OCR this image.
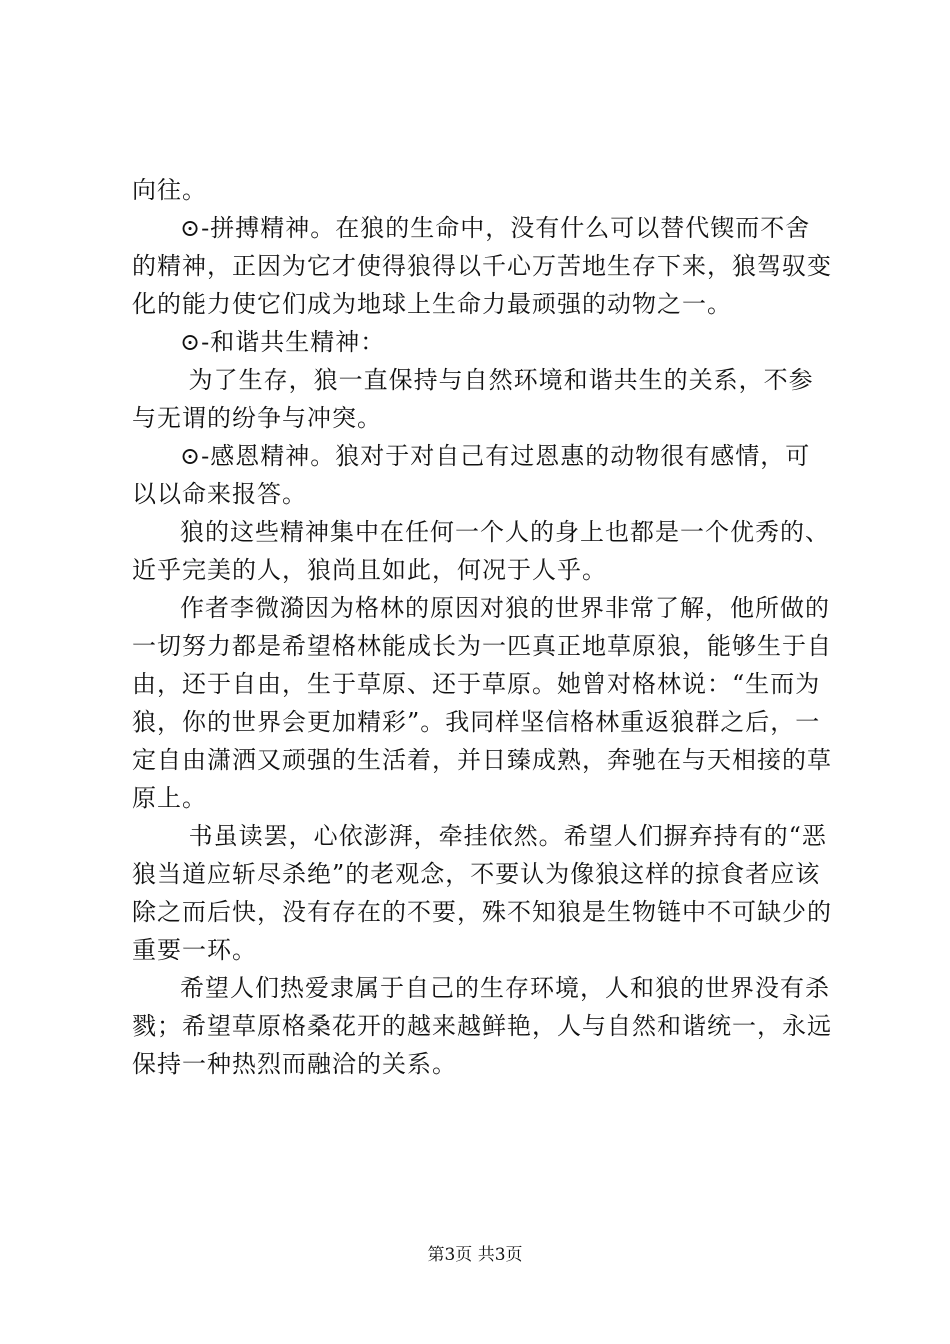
向往。

⊙-拼搏精神。在狼的生命中，没有什么可以替代锲而不舍的精神，正因为它才使得狼得以千心万苦地生存下来，狼驾驭变化的能力使它们成为地球上生命力最顽强的动物之一。

⊙-和谐共生精神：

为了生存，狼一直保持与自然环境和谐共生的关系，不参与无谓的纷争与冲突。

⊙-感恩精神。狼对于对自己有过恩惠的动物很有感情，可以以命来报答。

狼的这些精神集中在任何一个人的身上也都是一个优秀的、近乎完美的人，狼尚且如此，何况于人乎。

作者李微漪因为格林的原因对狼的世界非常了解，他所做的一切努力都是希望格林能成长为一匹真正地草原狼，能够生于自由，还于自由，生于草原、还于草原。她曾对格林说：“生而为狼，你的世界会更加精彩”。我同样坚信格林重返狼群之后，一定自由潇洒又顽强的生活着，并日臻成熟，奔驰在与天相接的草原上。

书虽读罢，心依澎湃，牵挂依然。希望人们摒弃持有的“恶狼当道应斩尽杀绝”的老观念，不要认为像狼这样的掠食者应该除之而后快，没有存在的不要，殊不知狼是生物链中不可缺少的重要一环。

希望人们热爱隶属于自己的生存环境，人和狼的世界没有杀戮；希望草原格桑花开的越来越鲜艳，人与自然和谐统一，永远保持一种热烈而融洽的关系。

第3页 共3页
